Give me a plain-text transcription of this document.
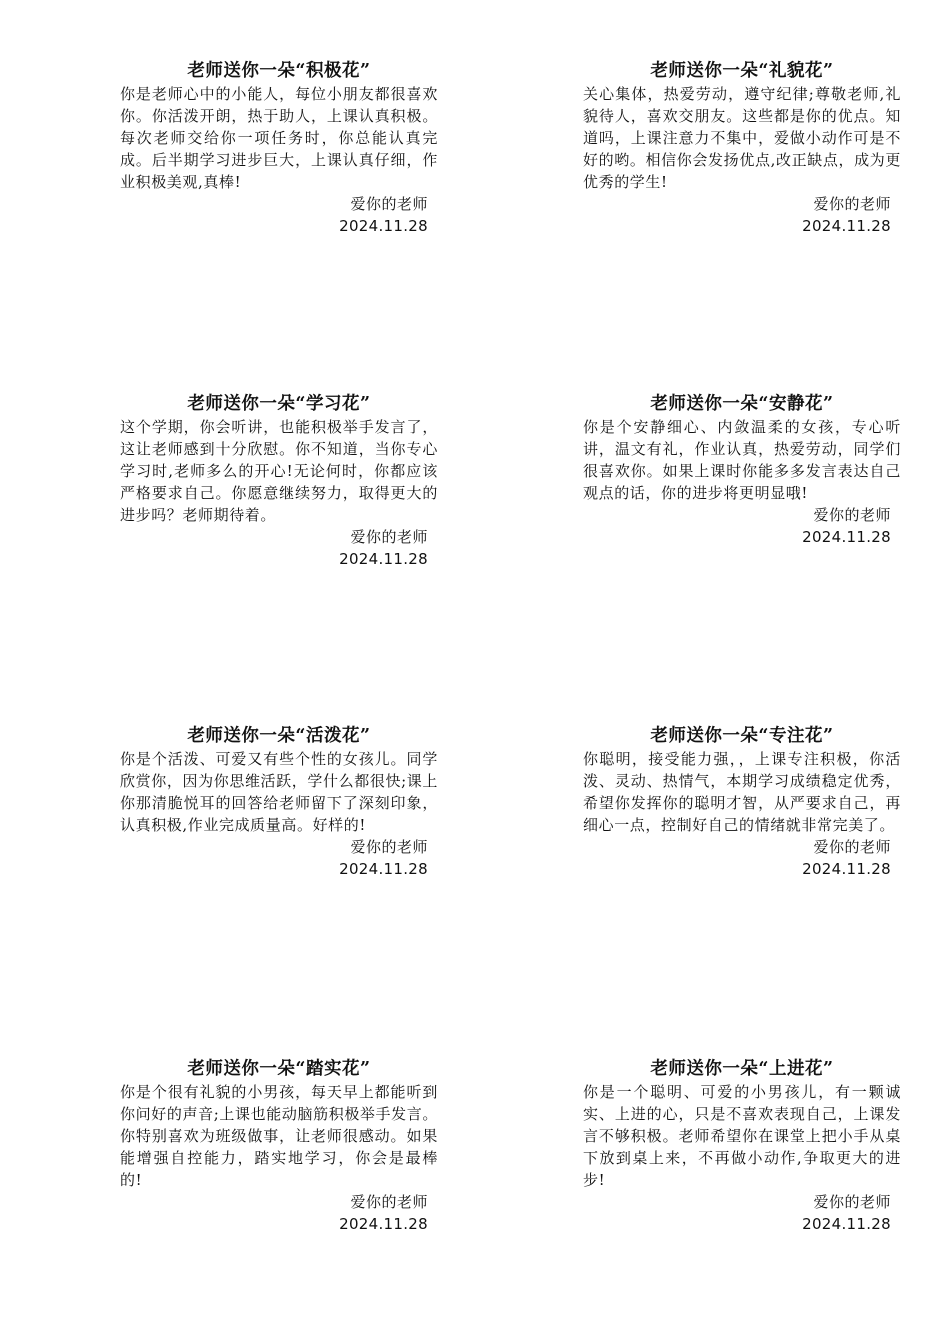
老师送你一朵“积极花”
你是老师心中的小能人，每位小朋友都很喜欢你。你活泼开朗，热于助人，上课认真积极。每次老师交给你一项任务时，你总能认真完成。后半期学习进步巨大，上课认真仔细，作业积极美观,真棒!
爱你的老师
2024.11.28
老师送你一朵“礼貌花”
关心集体，热爱劳动，遵守纪律;尊敬老师,礼貌待人，喜欢交朋友。这些都是你的优点。知道吗，上课注意力不集中，爱做小动作可是不好的哟。相信你会发扬优点,改正缺点，成为更优秀的学生!
爱你的老师
2024.11.28
老师送你一朵“学习花”
这个学期，你会听讲，也能积极举手发言了，这让老师感到十分欣慰。你不知道，当你专心学习时,老师多么的开心!无论何时，你都应该严格要求自己。你愿意继续努力，取得更大的进步吗？老师期待着。
爱你的老师
2024.11.28
老师送你一朵“安静花”
你是个安静细心、内敛温柔的女孩，专心听讲，温文有礼，作业认真，热爱劳动，同学们很喜欢你。如果上课时你能多多发言表达自己观点的话，你的进步将更明显哦!
爱你的老师
2024.11.28
老师送你一朵“活泼花”
你是个活泼、可爱又有些个性的女孩儿。同学欣赏你，因为你思维活跃，学什么都很快;课上你那清脆悦耳的回答给老师留下了深刻印象，认真积极,作业完成质量高。好样的!
爱你的老师
2024.11.28
老师送你一朵“专注花”
你聪明，接受能力强，，上课专注积极，你活泼、灵动、热情气，本期学习成绩稳定优秀，希望你发挥你的聪明才智，从严要求自己，再细心一点，控制好自己的情绪就非常完美了。
爱你的老师
2024.11.28
老师送你一朵“踏实花”
你是个很有礼貌的小男孩，每天早上都能听到你问好的声音;上课也能动脑筋积极举手发言。你特别喜欢为班级做事，让老师很感动。如果能增强自控能力，踏实地学习，你会是最棒的!
爱你的老师
2024.11.28
老师送你一朵“上进花”
你是一个聪明、可爱的小男孩儿，有一颗诚实、上进的心，只是不喜欢表现自己，上课发言不够积极。老师希望你在课堂上把小手从桌下放到桌上来，不再做小动作,争取更大的进步!
爱你的老师
2024.11.28
